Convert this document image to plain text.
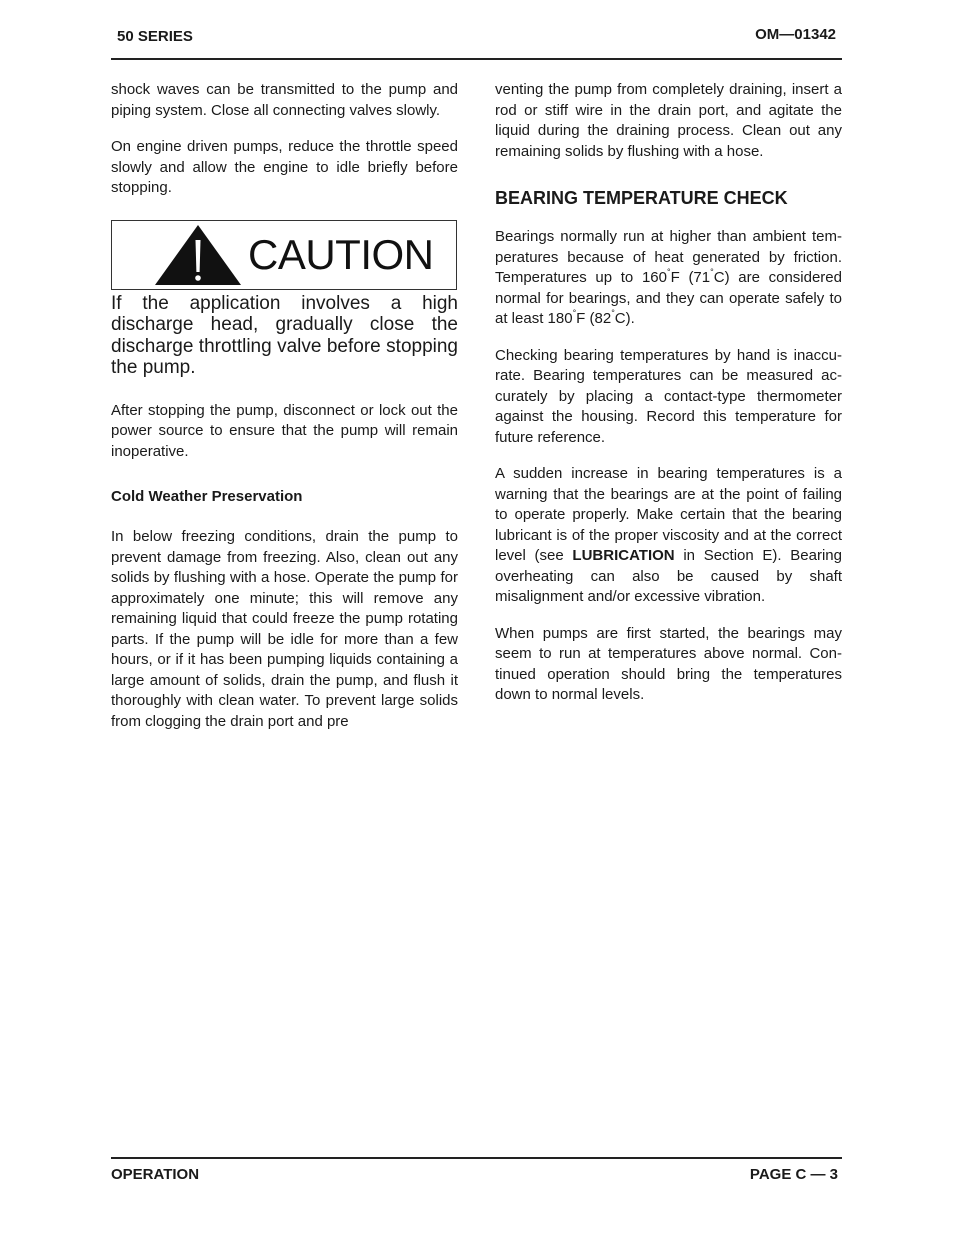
50 SERIES	OM—01342

shock waves can be transmitted to the pump and piping system. Close all connecting valves slowly.

On engine driven pumps, reduce the throttle speed slowly and allow the engine to idle briefly before stopping.

CAUTION

If the application involves a high discharge head, gradually close the discharge throttling valve before stopping the pump.

After stopping the pump, disconnect or lock out the power source to ensure that the pump will remain inoperative.

Cold Weather Preservation

In below freezing conditions, drain the pump to prevent damage from freezing. Also, clean out any solids by flushing with a hose. Operate the pump for approximately one minute; this will remove any remaining liquid that could freeze the pump rotating parts. If the pump will be idle for more than a few hours, or if it has been pumping liquids containing a large amount of solids, drain the pump, and flush it thoroughly with clean water. To prevent large solids from clogging the drain port and pre

venting the pump from completely draining, insert a rod or stiff wire in the drain port, and agitate the liquid during the draining process. Clean out any remaining solids by flushing with a hose.

BEARING TEMPERATURE CHECK

Bearings normally run at higher than ambient temperatures because of heat generated by friction. Temperatures up to 160°F (71°C) are considered normal for bearings, and they can operate safely to at least 180°F (82°C).

Checking bearing temperatures by hand is inaccurate. Bearing temperatures can be measured accurately by placing a contact-type thermometer against the housing. Record this temperature for future reference.

A sudden increase in bearing temperatures is a warning that the bearings are at the point of failing to operate properly. Make certain that the bearing lubricant is of the proper viscosity and at the correct level (see LUBRICATION in Section E). Bearing overheating can also be caused by shaft misalignment and/or excessive vibration.

When pumps are first started, the bearings may seem to run at temperatures above normal. Continued operation should bring the temperatures down to normal levels.

OPERATION	PAGE C — 3
